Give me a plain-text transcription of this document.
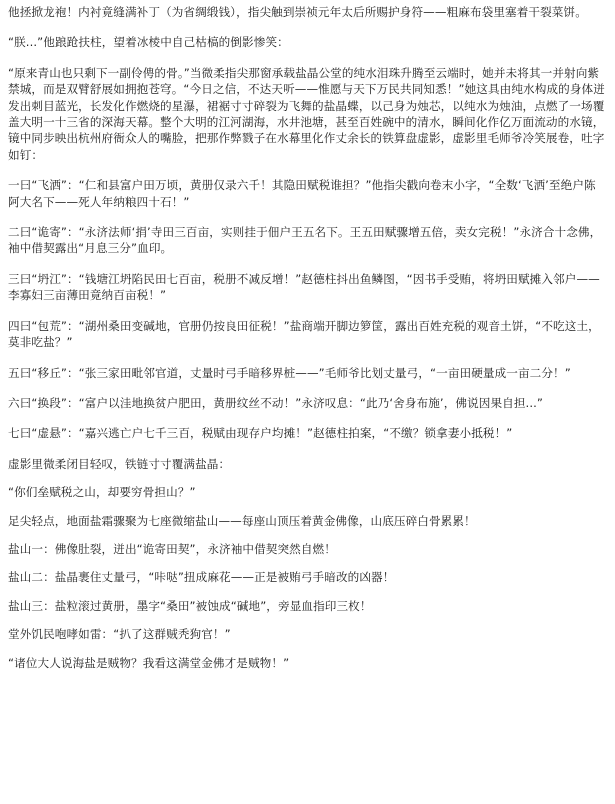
他拯掀龙袍！内衬竟缝满补丁（为省绸缎钱），指尖触到崇祯元年太后所赐护身符——粗麻布袋里塞着干裂菜饼。

“朕...”他踉跄扶柱，望着冰棱中自己枯槁的倒影惨笑：

“原来青山也只剩下一副伶俜的骨。”当微柔指尖那窗承载盐晶公堂的纯水泪珠升腾至云端时，她并未将其一并射向紫禁城，而是双臂舒展如拥抱苍穹。“今日之信，不达天听——惟愿与天下万民共同知悉！”她这具由纯水构成的身体迸发出刺目蓝光，长发化作燃烧的星瀑，裙裾寸寸碎裂为飞舞的盐晶蝶，以己身为烛芯，以纯水为烛油，点燃了一场覆盖大明一十三省的深海天幕。整个大明的江河湖海，水井池塘，甚至百姓碗中的清水，瞬间化作亿万面流动的水镜，镜中同步映出杭州府衙众人的嘴脸，把那作弊戮子在水幕里化作丈余长的铁算盘虚影，虚影里毛师爷冷笑展卷，吐字如钉：

一曰“飞洒”：“仁和县富户田万顷，黄册仅录六千！其隐田赋税谁担？”他指尖戳向卷末小字，“全数‘飞洒’至绝户陈阿大名下——死人年纳粮四十石！”

二曰“诡寄”：“永济法师‘捐’寺田三百亩，实则挂于佃户王五名下。王五田赋骤增五倍，卖女完税！”永济合十念佛，袖中借契露出“月息三分”血印。

三曰“坍江”：“钱塘江坍陷民田七百亩，税册不减反增！”赵德柱抖出鱼鳞图，“因书手受贿，将坍田赋摊入邻户——李寡妇三亩薄田竟纳百亩税！”

四曰“包荒”：“湖州桑田变碱地，官册仍按良田征税！”盐商端开脚边箩筐，露出百姓充税的观音土饼，“不吃这土，莫非吃盐？”

五曰“移丘”：“张三家田毗邻官道，丈量时弓手暗移界桩——”毛师爷比划丈量弓，“一亩田硬量成一亩二分！”

六曰“换段”：“富户以洼地换贫户肥田，黄册纹丝不动！”永济叹息：“此乃‘舍身布施’，佛说因果自担...”

七曰“虚悬”：“嘉兴逃亡户七千三百，税赋由现存户均摊！”赵德柱拍案，“不缴？锁拿妻小抵税！”

虚影里微柔闭目轻叹，铁链寸寸覆满盐晶：

“你们垒赋税之山，却要穷骨担山？”

足尖轻点，地面盐霜骤聚为七座微缩盐山——每座山顶压着黄金佛像，山底压碎白骨累累！

盐山一：佛像肚裂，迸出“诡寄田契”，永济袖中借契突然自燃！

盐山二：盐晶裹住丈量弓，“咔哒”扭成麻花——正是被贿弓手暗改的凶器！

盐山三：盐粒滚过黄册，墨字“桑田”被蚀成“碱地”，旁显血指印三枚！

堂外饥民咆哮如雷：“扒了这群贼秃狗官！”

“诸位大人说海盐是贼物？我看这满堂金佛才是贼物！”
